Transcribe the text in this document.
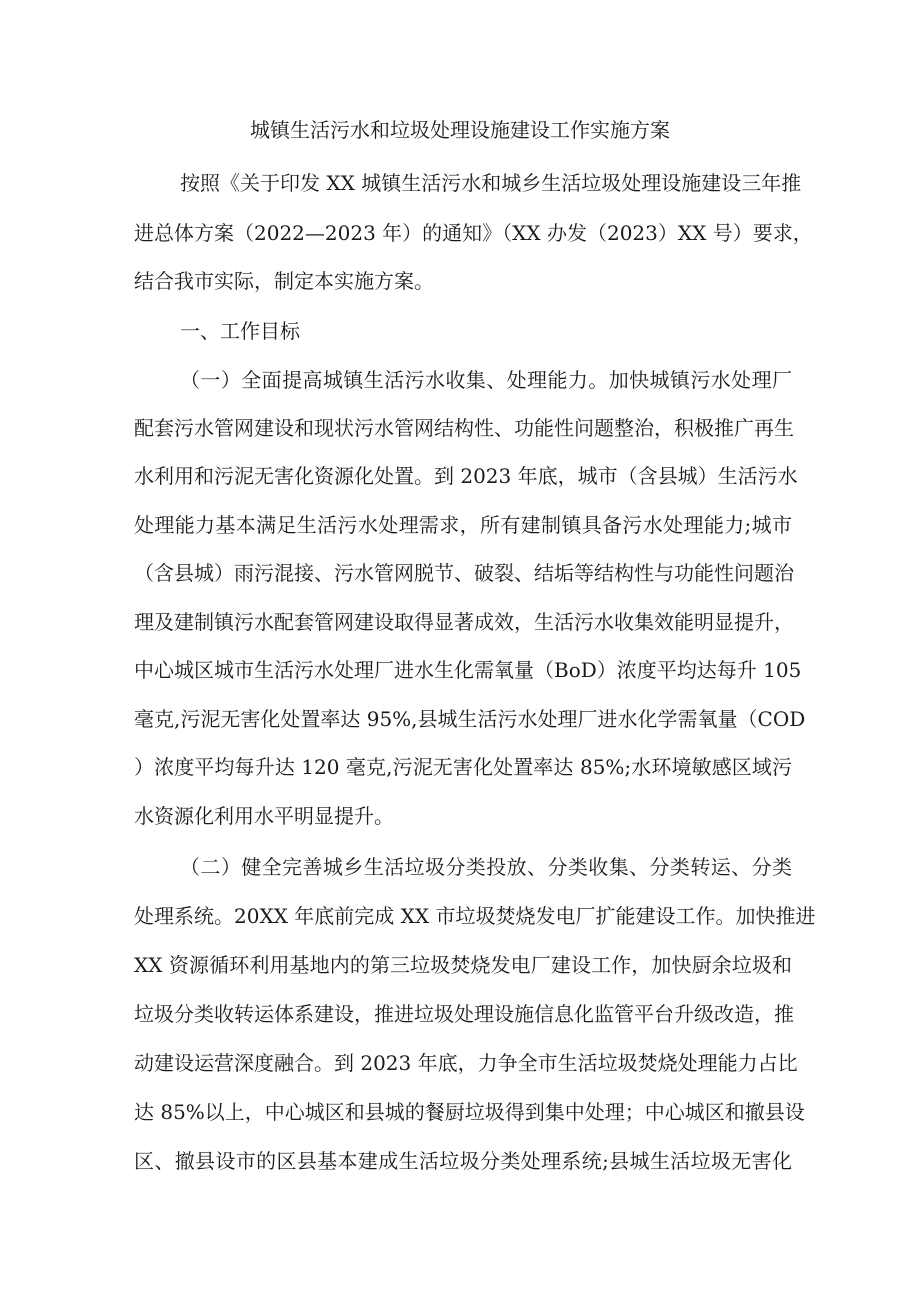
城镇生活污水和垃圾处理设施建设工作实施方案
按照《关于印发 XX 城镇生活污水和城乡生活垃圾处理设施建设三年推
进总体方案（2022—2023 年）的通知》（XX 办发（2023）XX 号）要求，
结合我市实际，制定本实施方案。
一、工作目标
（一）全面提高城镇生活污水收集、处理能力。加快城镇污水处理厂
配套污水管网建设和现状污水管网结构性、功能性问题整治，积极推广再生
水利用和污泥无害化资源化处置。到 2023 年底，城市（含县城）生活污水
处理能力基本满足生活污水处理需求，所有建制镇具备污水处理能力;城市
（含县城）雨污混接、污水管网脱节、破裂、结垢等结构性与功能性问题治
理及建制镇污水配套管网建设取得显著成效，生活污水收集效能明显提升，
中心城区城市生活污水处理厂进水生化需氧量（BoD）浓度平均达每升 105
毫克,污泥无害化处置率达 95%,县城生活污水处理厂进水化学需氧量（COD
）浓度平均每升达 120 毫克,污泥无害化处置率达 85%;水环境敏感区域污
水资源化利用水平明显提升。
（二）健全完善城乡生活垃圾分类投放、分类收集、分类转运、分类
处理系统。20XX 年底前完成 XX 市垃圾焚烧发电厂扩能建设工作。加快推进
XX 资源循环利用基地内的第三垃圾焚烧发电厂建设工作，加快厨余垃圾和
垃圾分类收转运体系建设，推进垃圾处理设施信息化监管平台升级改造，推
动建设运营深度融合。到 2023 年底，力争全市生活垃圾焚烧处理能力占比
达 85%以上，中心城区和县城的餐厨垃圾得到集中处理；中心城区和撤县设
区、撤县设市的区县基本建成生活垃圾分类处理系统;县城生活垃圾无害化
